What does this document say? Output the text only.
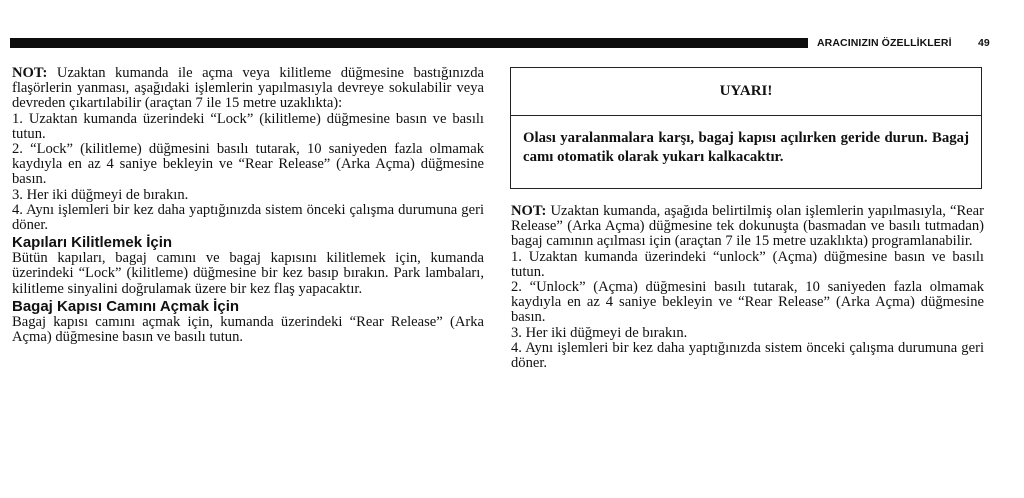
ARACINIZIN ÖZELLİKLERİ	49

NOT: Uzaktan kumanda ile açma veya kilitleme düğmesine bastığınızda flaşörlerin yanması, aşağıdaki işlemlerin yapılmasıyla devreye sokulabilir veya devreden çıkartılabilir (araçtan 7 ile 15 metre uzaklıkta):

1. Uzaktan kumanda üzerindeki “Lock” (kilitleme) düğmesine basın ve basılı tutun.

2. “Lock” (kilitleme) düğmesini basılı tutarak, 10 saniyeden fazla olmamak kaydıyla en az 4 saniye bekleyin ve “Rear Release” (Arka Açma) düğmesine basın.

3. Her iki düğmeyi de bırakın.

4. Aynı işlemleri bir kez daha yaptığınızda sistem önceki çalışma durumuna geri döner.

Kapıları Kilitlemek İçin

Bütün kapıları, bagaj camını ve bagaj kapısını kilitlemek için, kumanda üzerindeki “Lock” (kilitleme) düğmesine bir kez basıp bırakın. Park lambaları, kilitleme sinyalini doğrulamak üzere bir kez flaş yapacaktır.

Bagaj Kapısı Camını Açmak İçin

Bagaj kapısı camını açmak için, kumanda üzerindeki “Rear Release” (Arka Açma) düğmesine basın ve basılı tutun.

UYARI!
Olası yaralanmalara karşı, bagaj kapısı açılırken geride durun. Bagaj camı otomatik olarak yukarı kalkacaktır.

NOT: Uzaktan kumanda, aşağıda belirtilmiş olan işlemlerin yapılmasıyla, “Rear Release” (Arka Açma) düğmesine tek dokunuşta (basmadan ve basılı tutmadan) bagaj camının açılması için (araçtan 7 ile 15 metre uzaklıkta) programlanabilir.

1. Uzaktan kumanda üzerindeki “unlock” (Açma) düğmesine basın ve basılı tutun.

2. “Unlock” (Açma) düğmesini basılı tutarak, 10 saniyeden fazla olmamak kaydıyla en az 4 saniye bekleyin ve “Rear Release” (Arka Açma) düğmesine basın.

3. Her iki düğmeyi de bırakın.

4. Aynı işlemleri bir kez daha yaptığınızda sistem önceki çalışma durumuna geri döner.
